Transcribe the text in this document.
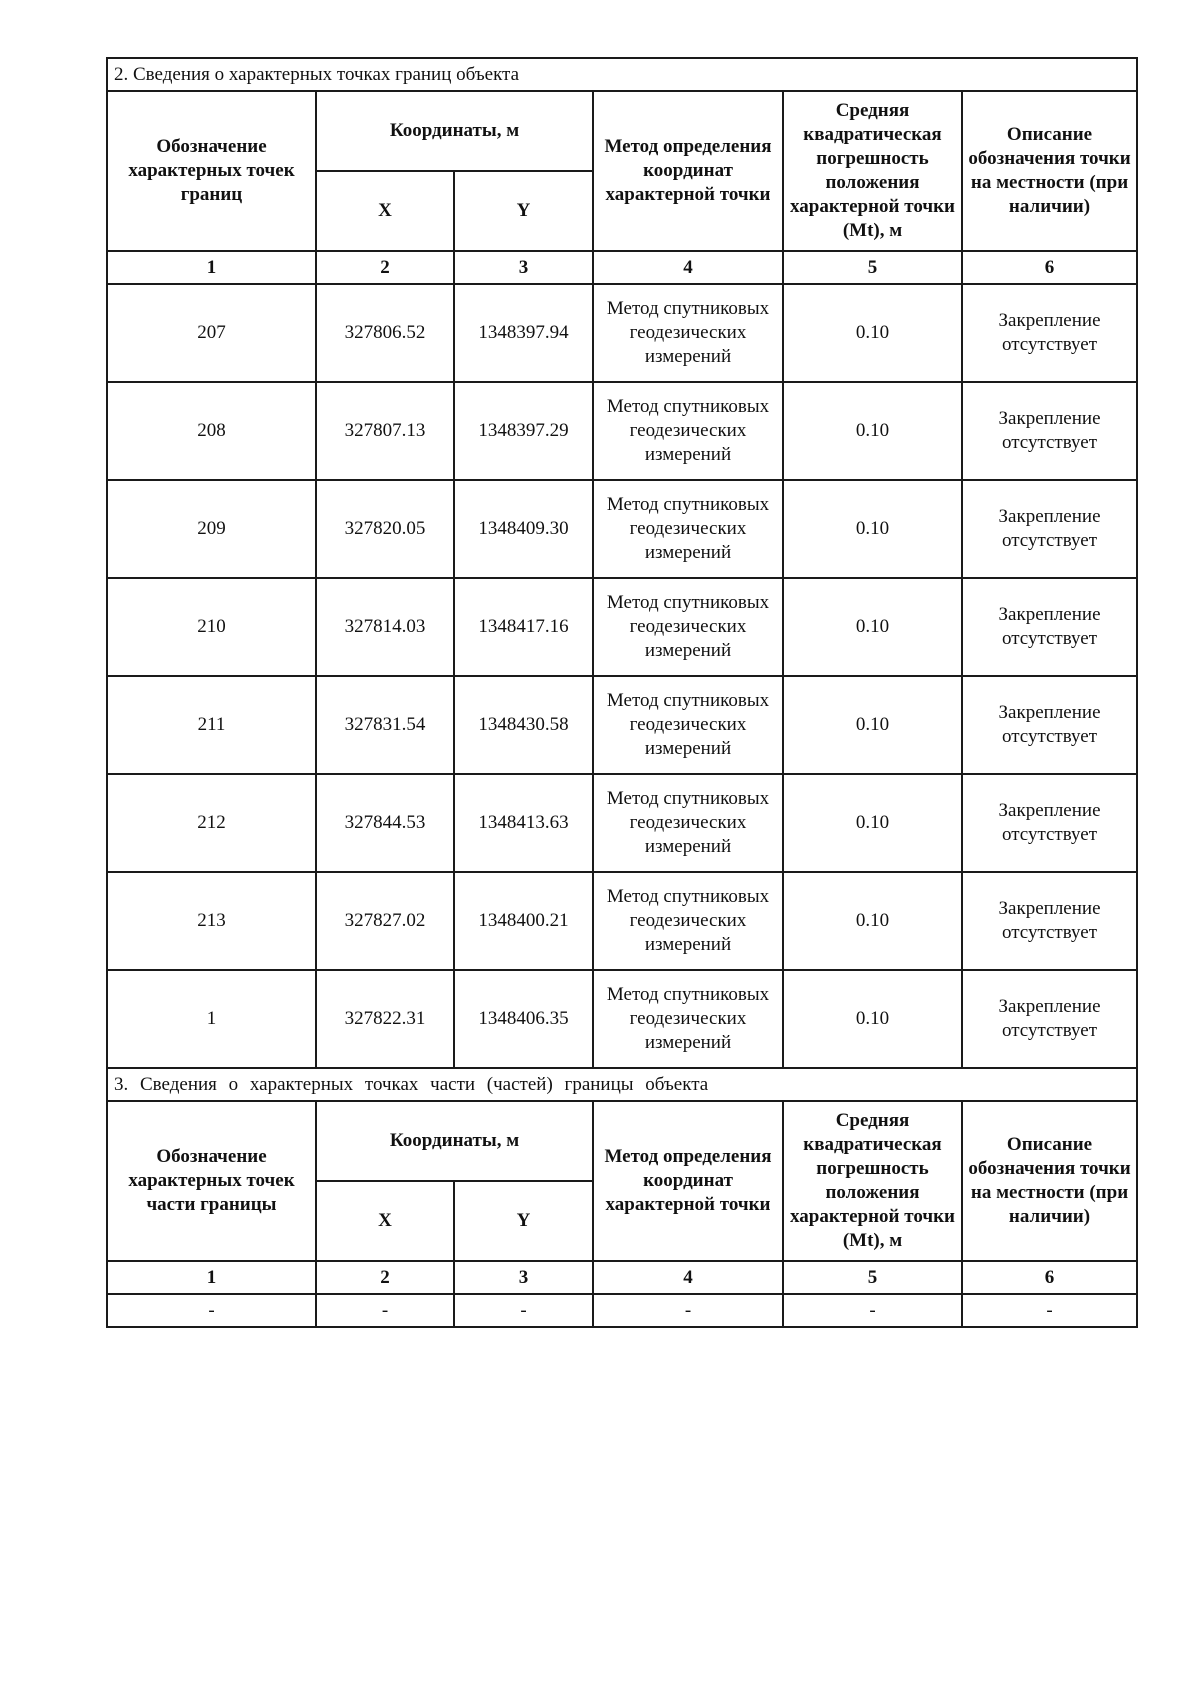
2. Сведения о характерных точках границ объекта					
Обозначение характерных точек границ	Координаты, м		Метод определения координат характерной точки	Средняя квадратическая погрешность положения характерной точки (Mt), м	Описание обозначения точки на местности (при наличии)
	X	Y			
1	2	3	4	5	6
207	327806.52	1348397.94	Метод спутниковых геодезических измерений	0.10	Закрепление отсутствует
208	327807.13	1348397.29	Метод спутниковых геодезических измерений	0.10	Закрепление отсутствует
209	327820.05	1348409.30	Метод спутниковых геодезических измерений	0.10	Закрепление отсутствует
210	327814.03	1348417.16	Метод спутниковых геодезических измерений	0.10	Закрепление отсутствует
211	327831.54	1348430.58	Метод спутниковых геодезических измерений	0.10	Закрепление отсутствует
212	327844.53	1348413.63	Метод спутниковых геодезических измерений	0.10	Закрепление отсутствует
213	327827.02	1348400.21	Метод спутниковых геодезических измерений	0.10	Закрепление отсутствует
1	327822.31	1348406.35	Метод спутниковых геодезических измерений	0.10	Закрепление отсутствует
3. Сведения о характерных точках части (частей) границы объекта					
Обозначение характерных точек части границы	Координаты, м		Метод определения координат характерной точки	Средняя квадратическая погрешность положения характерной точки (Mt), м	Описание обозначения точки на местности (при наличии)
	X	Y			
1	2	3	4	5	6
-	-	-	-	-	-
